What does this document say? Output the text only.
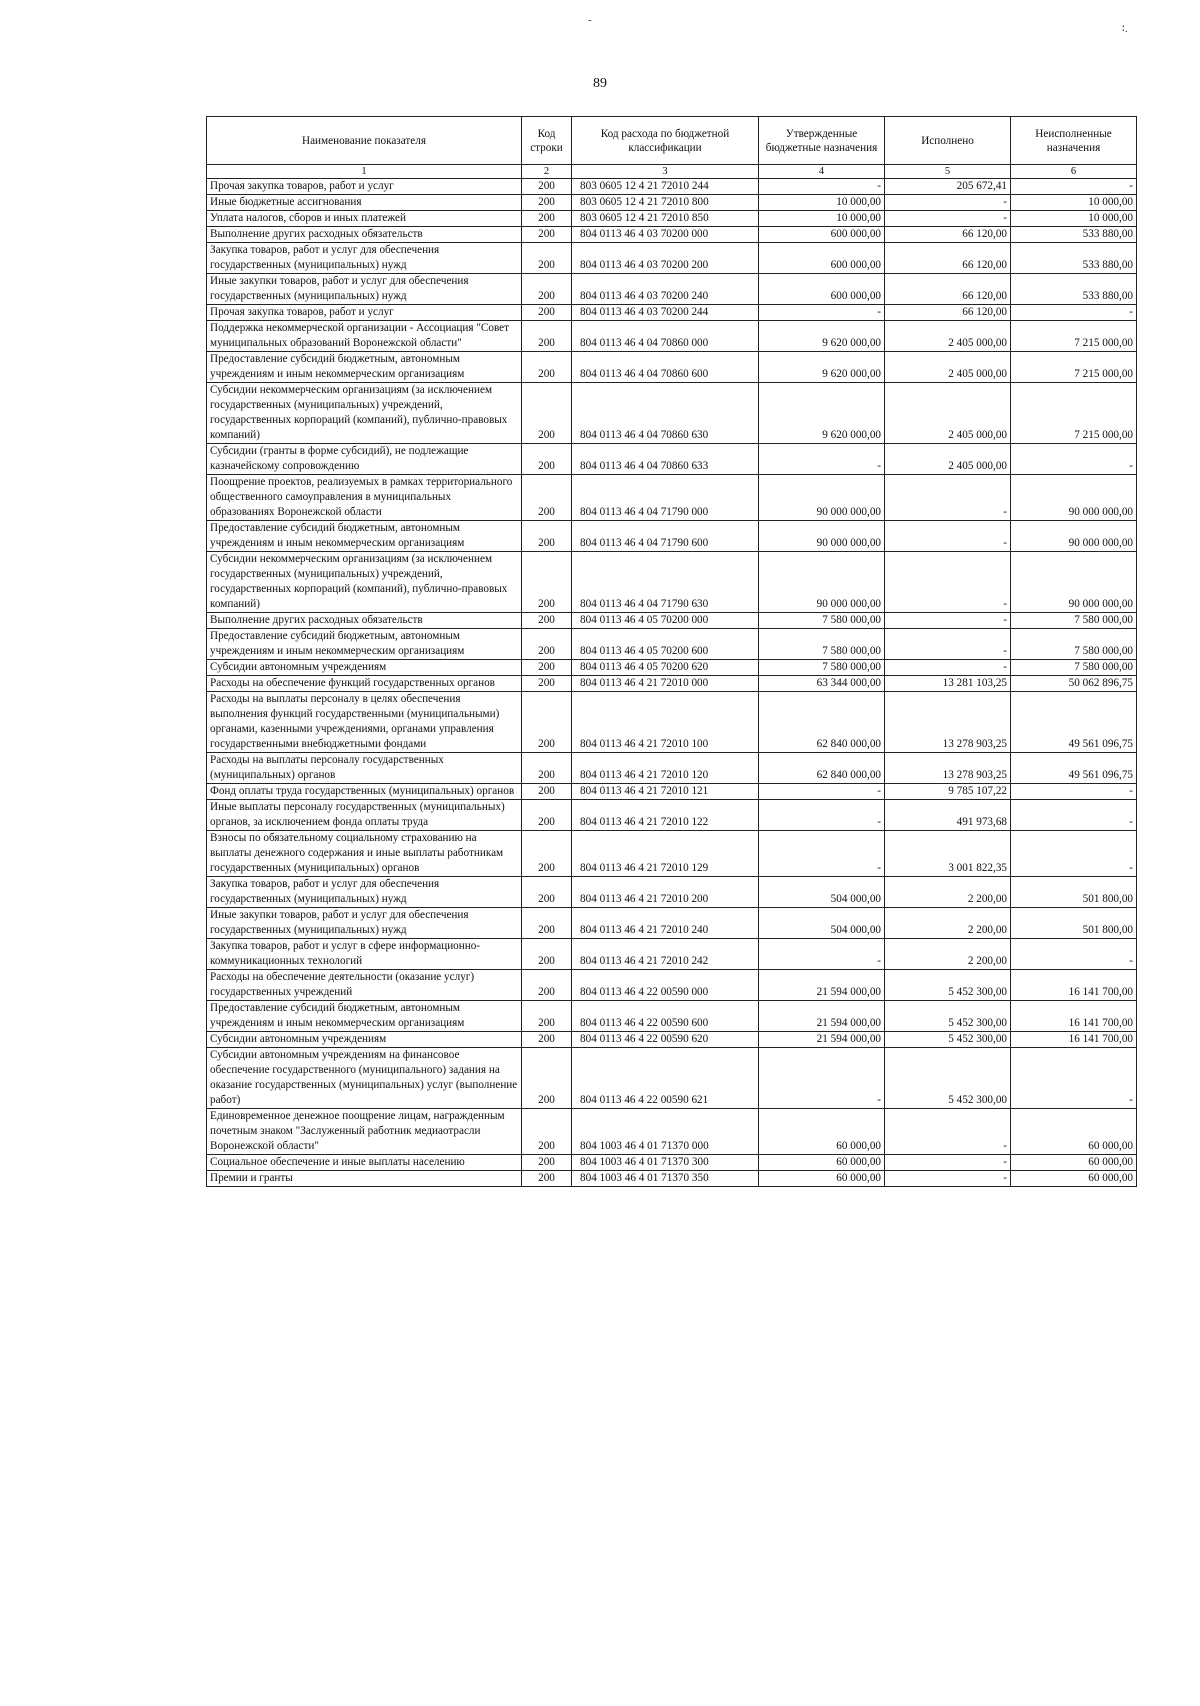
-
∶.
89
Наименование показателя	Код строки	Код расхода по бюджетной классификации	Утвержденные бюджетные назначения	Исполнено	Неисполненные назначения
1	2	3	4	5	6
Прочая закупка товаров, работ и услуг	200	803 0605 12 4 21 72010 244	-	205 672,41	-
Иные бюджетные ассигнования	200	803 0605 12 4 21 72010 800	10 000,00	-	10 000,00
Уплата налогов, сборов и иных платежей	200	803 0605 12 4 21 72010 850	10 000,00	-	10 000,00
Выполнение других расходных обязательств	200	804 0113 46 4 03 70200 000	600 000,00	66 120,00	533 880,00
Закупка товаров, работ и услуг для обеспечения государственных (муниципальных) нужд	200	804 0113 46 4 03 70200 200	600 000,00	66 120,00	533 880,00
Иные закупки товаров, работ и услуг для обеспечения государственных (муниципальных) нужд	200	804 0113 46 4 03 70200 240	600 000,00	66 120,00	533 880,00
Прочая закупка товаров, работ и услуг	200	804 0113 46 4 03 70200 244	-	66 120,00	-
Поддержка некоммерческой организации - Ассоциация "Совет муниципальных образований Воронежской области"	200	804 0113 46 4 04 70860 000	9 620 000,00	2 405 000,00	7 215 000,00
Предоставление субсидий бюджетным, автономным учреждениям и иным некоммерческим организациям	200	804 0113 46 4 04 70860 600	9 620 000,00	2 405 000,00	7 215 000,00
Субсидии некоммерческим организациям (за исключением государственных (муниципальных) учреждений, государственных корпораций (компаний), публично-правовых компаний)	200	804 0113 46 4 04 70860 630	9 620 000,00	2 405 000,00	7 215 000,00
Субсидии (гранты в форме субсидий), не подлежащие казначейскому сопровождению	200	804 0113 46 4 04 70860 633	-	2 405 000,00	-
Поощрение проектов, реализуемых в рамках территориального общественного самоуправления в муниципальных образованиях Воронежской области	200	804 0113 46 4 04 71790 000	90 000 000,00	-	90 000 000,00
Предоставление субсидий бюджетным, автономным учреждениям и иным некоммерческим организациям	200	804 0113 46 4 04 71790 600	90 000 000,00	-	90 000 000,00
Субсидии некоммерческим организациям (за исключением государственных (муниципальных) учреждений, государственных корпораций (компаний), публично-правовых компаний)	200	804 0113 46 4 04 71790 630	90 000 000,00	-	90 000 000,00
Выполнение других расходных обязательств	200	804 0113 46 4 05 70200 000	7 580 000,00	-	7 580 000,00
Предоставление субсидий бюджетным, автономным учреждениям и иным некоммерческим организациям	200	804 0113 46 4 05 70200 600	7 580 000,00	-	7 580 000,00
Субсидии автономным учреждениям	200	804 0113 46 4 05 70200 620	7 580 000,00	-	7 580 000,00
Расходы на обеспечение функций государственных органов	200	804 0113 46 4 21 72010 000	63 344 000,00	13 281 103,25	50 062 896,75
Расходы на выплаты персоналу в целях обеспечения выполнения функций государственными (муниципальными) органами, казенными учреждениями, органами управления государственными внебюджетными фондами	200	804 0113 46 4 21 72010 100	62 840 000,00	13 278 903,25	49 561 096,75
Расходы на выплаты персоналу государственных (муниципальных) органов	200	804 0113 46 4 21 72010 120	62 840 000,00	13 278 903,25	49 561 096,75
Фонд оплаты труда государственных (муниципальных) органов	200	804 0113 46 4 21 72010 121	-	9 785 107,22	-
Иные выплаты персоналу государственных (муниципальных) органов, за исключением фонда оплаты труда	200	804 0113 46 4 21 72010 122	-	491 973,68	-
Взносы по обязательному социальному страхованию на выплаты денежного содержания и иные выплаты работникам государственных (муниципальных) органов	200	804 0113 46 4 21 72010 129	-	3 001 822,35	-
Закупка товаров, работ и услуг для обеспечения государственных (муниципальных) нужд	200	804 0113 46 4 21 72010 200	504 000,00	2 200,00	501 800,00
Иные закупки товаров, работ и услуг для обеспечения государственных (муниципальных) нужд	200	804 0113 46 4 21 72010 240	504 000,00	2 200,00	501 800,00
Закупка товаров, работ и услуг в сфере информационно-коммуникационных технологий	200	804 0113 46 4 21 72010 242	-	2 200,00	-
Расходы на обеспечение деятельности (оказание услуг) государственных учреждений	200	804 0113 46 4 22 00590 000	21 594 000,00	5 452 300,00	16 141 700,00
Предоставление субсидий бюджетным, автономным учреждениям и иным некоммерческим организациям	200	804 0113 46 4 22 00590 600	21 594 000,00	5 452 300,00	16 141 700,00
Субсидии автономным учреждениям	200	804 0113 46 4 22 00590 620	21 594 000,00	5 452 300,00	16 141 700,00
Субсидии автономным учреждениям на финансовое обеспечение государственного (муниципального) задания на оказание государственных (муниципальных) услуг (выполнение работ)	200	804 0113 46 4 22 00590 621	-	5 452 300,00	-
Единовременное денежное поощрение лицам, награжденным почетным знаком "Заслуженный работник медиаотрасли Воронежской области"	200	804 1003 46 4 01 71370 000	60 000,00	-	60 000,00
Социальное обеспечение и иные выплаты населению	200	804 1003 46 4 01 71370 300	60 000,00	-	60 000,00
Премии и гранты	200	804 1003 46 4 01 71370 350	60 000,00	-	60 000,00
